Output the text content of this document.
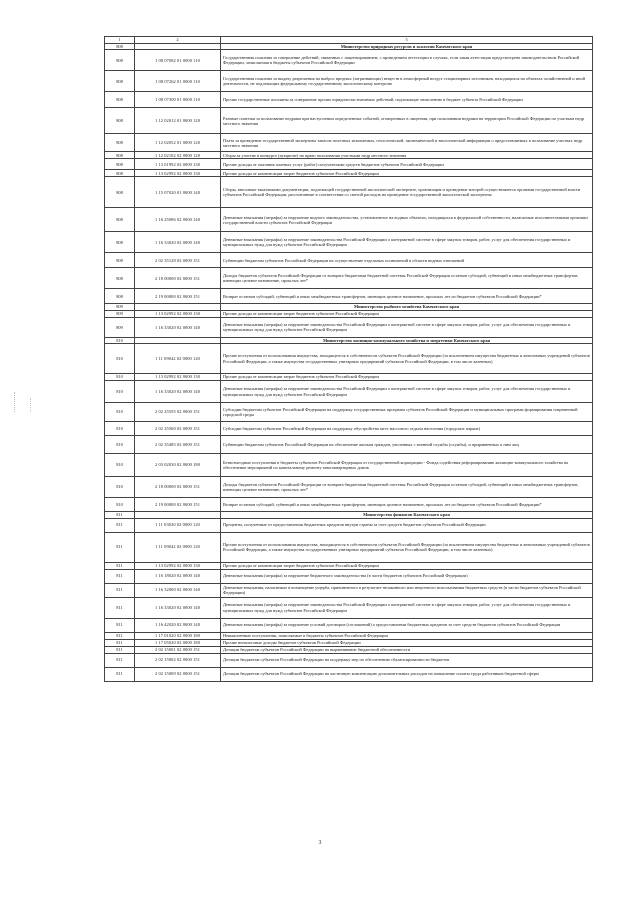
1	2	3
808		Министерство природных ресурсов и экологии Камчатского края
808	1 08 07082 01 0000 110	Государственная пошлина за совершение действий, связанных с лицензированием, с проведением аттестации в случаях, если такая аттестация предусмотрена законодательством Российской Федерации, зачисляемая в бюджеты субъектов Российской Федерации
808	1 08 07262 01 0000 110	Государственная пошлина за выдачу разрешения на выброс вредных (загрязняющих) веществ в атмосферный воздух стационарных источников, находящихся на объектах хозяйственной и иной деятельности, не подлежащих федеральному государственному экологическому контролю
808	1 08 07300 01 0000 110	Прочие государственные пошлины за совершение прочих юридически значимых действий, подлежащие зачислению в бюджет субъекта Российской Федерации
808	1 12 02012 01 0000 120	Разовые платежи за пользование недрами при наступлении определенных событий, оговоренных в лицензии, при пользовании недрами на территории Российской Федерации по участкам недр местного значения
808	1 12 02052 01 0000 120	Плата за проведение государственной экспертизы запасов полезных ископаемых, геологической, экономической и экологической информации о предоставляемых в пользование участках недр местного значения
808	1 12 02102 02 0000 120	Сборы за участие в конкурсе (аукционе) на право пользования участками недр местного значения
808	1 13 01992 02 0000 130	Прочие доходы от оказания платных услуг (работ) получателями средств бюджетов субъектов Российской Федерации
808	1 13 02992 02 0000 130	Прочие доходы от компенсации затрат бюджетов субъектов Российской Федерации
808	1 15 07020 01 0000 140	Сборы, вносимые заказчиками документации, подлежащей государственной экологической экспертизе, организация и проведение которой осуществляются органами государственной власти субъектов Российской Федерации, рассчитанные в соответствии со сметой расходов на проведение государственной экологической экспертизы
808	1 16 25086 02 0000 140	Денежные взыскания (штрафы) за нарушение водного законодательства, установленное на водных объектах, находящихся в федеральной собственности, налагаемые исполнительными органами государственной власти субъектов Российской Федерации
808	1 16 33020 02 0000 140	Денежные взыскания (штрафы) за нарушение законодательства Российской Федерации о контрактной системе в сфере закупок товаров, работ, услуг для обеспечения государственных и муниципальных нужд для нужд субъектов Российской Федерации
808	2 02 35128 02 0000 151	Субвенции бюджетам субъектов Российской Федерации на осуществление отдельных полномочий в области водных отношений
808	2 18 00000 02 0000 151	Доходы бюджетов субъектов Российской Федерации от возврата бюджетами бюджетной системы Российской Федерации остатков субсидий, субвенций и иных межбюджетных трансфертов, имеющих целевое назначение, прошлых лет*
808	2 19 00000 02 0000 151	Возврат остатков субсидий, субвенций и иных межбюджетных трансфертов, имеющих целевое назначение, прошлых лет из бюджетов субъектов Российской Федерации*
809		Министерство рыбного хозяйства Камчатского края
809	1 13 02992 02 0000 130	Прочие доходы от компенсации затрат бюджетов субъектов Российской Федерации
809	1 16 33020 02 0000 140	Денежные взыскания (штрафы) за нарушение законодательства Российской Федерации о контрактной системе в сфере закупок товаров, работ, услуг для обеспечения государственных и муниципальных нужд для нужд субъектов Российской Федерации
810		Министерство жилищно-коммунального хозяйства и энергетики Камчатского края
810	1 11 09042 02 0000 120	Прочие поступления от использования имущества, находящегося в собственности субъектов Российской Федерации (за исключением имущества бюджетных и автономных учреждений субъектов Российской Федерации, а также имущества государственных унитарных предприятий субъектов Российской Федерации, в том числе казенных)
810	1 13 02992 02 0000 130	Прочие доходы от компенсации затрат бюджетов субъектов Российской Федерации
810	1 16 33020 02 0000 140	Денежные взыскания (штрафы) за нарушение законодательства Российской Федерации о контрактной системе в сфере закупок товаров, работ, услуг для обеспечения государственных и муниципальных нужд для нужд субъектов Российской Федерации
810	2 02 25555 02 0000 151	Субсидии бюджетам субъектов Российской Федерации на поддержку государственных программ субъектов Российской Федерации и муниципальных программ формирования современной городской среды
810	2 02 25560 02 0000 151	Субсидии бюджетам субъектов Российской Федерации на поддержку обустройства мест массового отдыха населения (городских парков)
810	2 02 35485 02 0000 151	Субвенции бюджетам субъектов Российской Федерации на обеспечение жильем граждан, уволенных с военной службы (службы), и приравненных к ним лиц
810	2 03 02030 02 0000 180	Безвозмездные поступления в бюджеты субъектов Российской Федерации от государственной корпорации - Фонда содействия реформированию жилищно-коммунального хозяйства на обеспечение мероприятий по капитальному ремонту многоквартирных домов
810	2 18 00000 02 0000 151	Доходы бюджетов субъектов Российской Федерации от возврата бюджетами бюджетной системы Российской Федерации остатков субсидий, субвенций и иных межбюджетных трансфертов, имеющих целевое назначение, прошлых лет*
810	2 19 00000 02 0000 151	Возврат остатков субсидий, субвенций и иных межбюджетных трансфертов, имеющих целевое назначение, прошлых лет из бюджетов субъектов Российской Федерации*
811		Министерство финансов Камчатского края
811	1 11 03020 02 0000 120	Проценты, полученные от предоставления бюджетных кредитов внутри страны за счет средств бюджетов субъектов Российской Федерации
811	1 11 09042 02 0000 120	Прочие поступления от использования имущества, находящегося в собственности субъектов Российской Федерации (за исключением имущества бюджетных и автономных учреждений субъектов Российской Федерации, а также имущества государственных унитарных предприятий субъектов Российской Федерации, в том числе казенных)
811	1 13 02992 02 0000 130	Прочие доходы от компенсации затрат бюджетов субъектов Российской Федерации
811	1 16 18020 02 0000 140	Денежные взыскания (штрафы) за нарушение бюджетного законодательства (в части бюджетов субъектов Российской Федерации)
811	1 16 32000 02 0000 140	Денежные взыскания, налагаемые в возмещение ущерба, причиненного в результате незаконного или нецелевого использования бюджетных средств (в части бюджетов субъектов Российской Федерации)
811	1 16 33020 02 0000 140	Денежные взыскания (штрафы) за нарушение законодательства Российской Федерации о контрактной системе в сфере закупок товаров, работ, услуг для обеспечения государственных и муниципальных нужд для нужд субъектов Российской Федерации
811	1 16 42020 02 0000 140	Денежные взыскания (штрафы) за нарушение условий договоров (соглашений) о предоставлении бюджетных кредитов за счет средств бюджетов субъектов Российской Федерации
811	1 17 01020 02 0000 180	Невыясненные поступления, зачисляемые в бюджеты субъектов Российской Федерации
811	1 17 05020 02 0000 180	Прочие неналоговые доходы бюджетов субъектов Российской Федерации
811	2 02 15001 02 0000 151	Дотации бюджетам субъектов Российской Федерации на выравнивание бюджетной обеспеченности
811	2 02 15002 02 0000 151	Дотации бюджетам субъектов Российской Федерации на поддержку мер по обеспечению сбалансированности бюджетов
811	2 02 15009 02 0000 151	Дотации бюджетам субъектов Российской Федерации на частичную компенсацию дополнительных расходов на повышение оплаты труда работников бюджетной сферы
3
